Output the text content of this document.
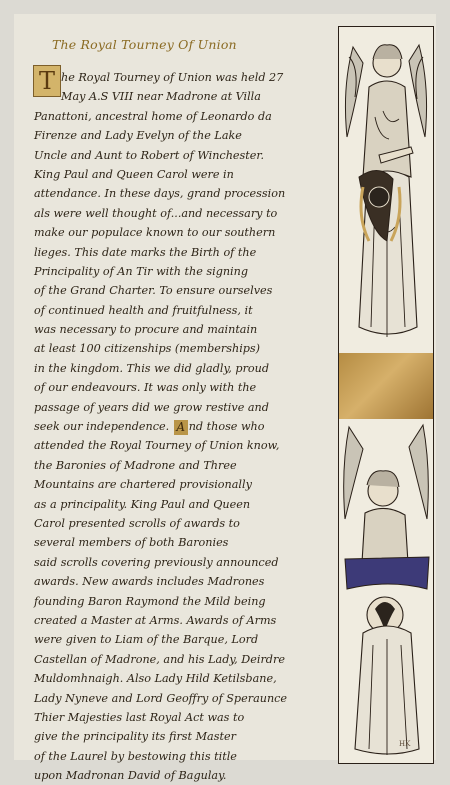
The Royal Tourney Of Union
T he Royal Tourney of Union was held 27
May A.S VIII near Madrone at Villa
Panattoni, ancestral home of Leonardo da
Firenze and Lady Evelyn of the Lake
Uncle and Aunt to Robert of Winchester.
King Paul and Queen Carol were in
attendance. In these days, grand procession
als were well thought of...and necessary to
make our populace known to our southern
lieges. This date marks the Birth of the
Principality of An Tir with the signing
of the Grand Charter. To ensure ourselves
of continued health and fruitfulness, it
was necessary to procure and maintain
at least 100 citizenships (memberships)
in the kingdom. This we did gladly, proud
of our endeavours. It was only with the
passage of years did we grow restive and
seek our independence. A nd those who
attended the Royal Tourney of Union know,
the Baronies of Madrone and Three
Mountains are chartered provisionally
as a principality. King Paul and Queen
Carol presented scrolls of awards to
several members of both Baronies
said scrolls covering previously announced
awards. New awards includes Madrones
founding Baron Raymond the Mild being
created a Master at Arms. Awards of Arms
were given to Liam of the Barque, Lord
Castellan of Madrone, and his Lady, Deirdre
Muldomhnaigh. Also Lady Hild Ketilsbane,
Lady Nyneve and Lord Geoffry of Speraunce
Thier Majesties last Royal Act was to
give the principality its first Master
of the Laurel by bestowing this title
upon Madronan David of Bagulay.
HK
